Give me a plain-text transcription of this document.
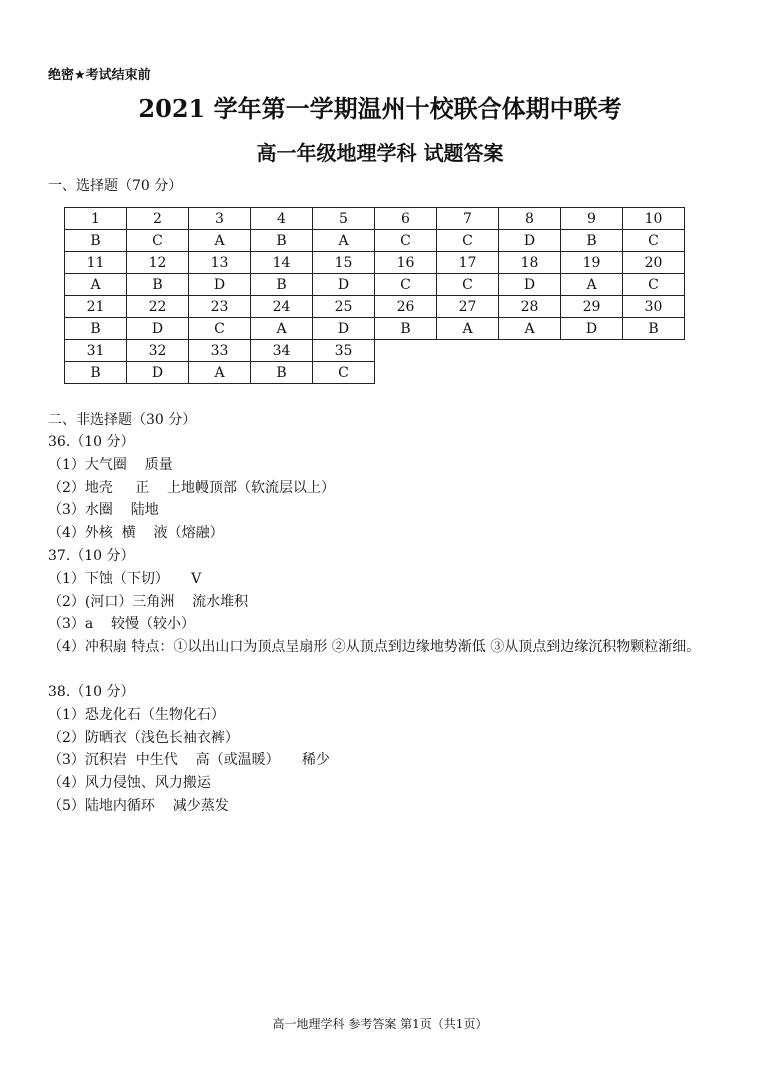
绝密★考试结束前
2021 学年第一学期温州十校联合体期中联考
高一年级地理学科 试题答案
一、选择题（70 分）
1	2	3	4	5	6	7	8	9	10
B	C	A	B	A	C	C	D	B	C
11	12	13	14	15	16	17	18	19	20
A	B	D	B	D	C	C	D	A	C
21	22	23	24	25	26	27	28	29	30
B	D	C	A	D	B	A	A	D	B
31	32	33	34	35					
B	D	A	B	C					
二、非选择题（30 分）
36.（10 分）
（1）大气圈    质量
（2）地壳     正    上地幔顶部（软流层以上）
（3）水圈    陆地
（4）外核  横    液（熔融）
37.（10 分）
（1）下蚀（下切）     V
（2）(河口）三角洲    流水堆积
（3）a    较慢（较小）
（4）冲积扇 特点：①以出山口为顶点呈扇形 ②从顶点到边缘地势渐低 ③从顶点到边缘沉积物颗粒渐细。
38.（10 分）
（1）恐龙化石（生物化石）
（2）防晒衣（浅色长袖衣裤）
（3）沉积岩  中生代    高（或温暖）     稀少
（4）风力侵蚀、风力搬运
（5）陆地内循环    减少蒸发
高一地理学科 参考答案 第1页（共1页）
